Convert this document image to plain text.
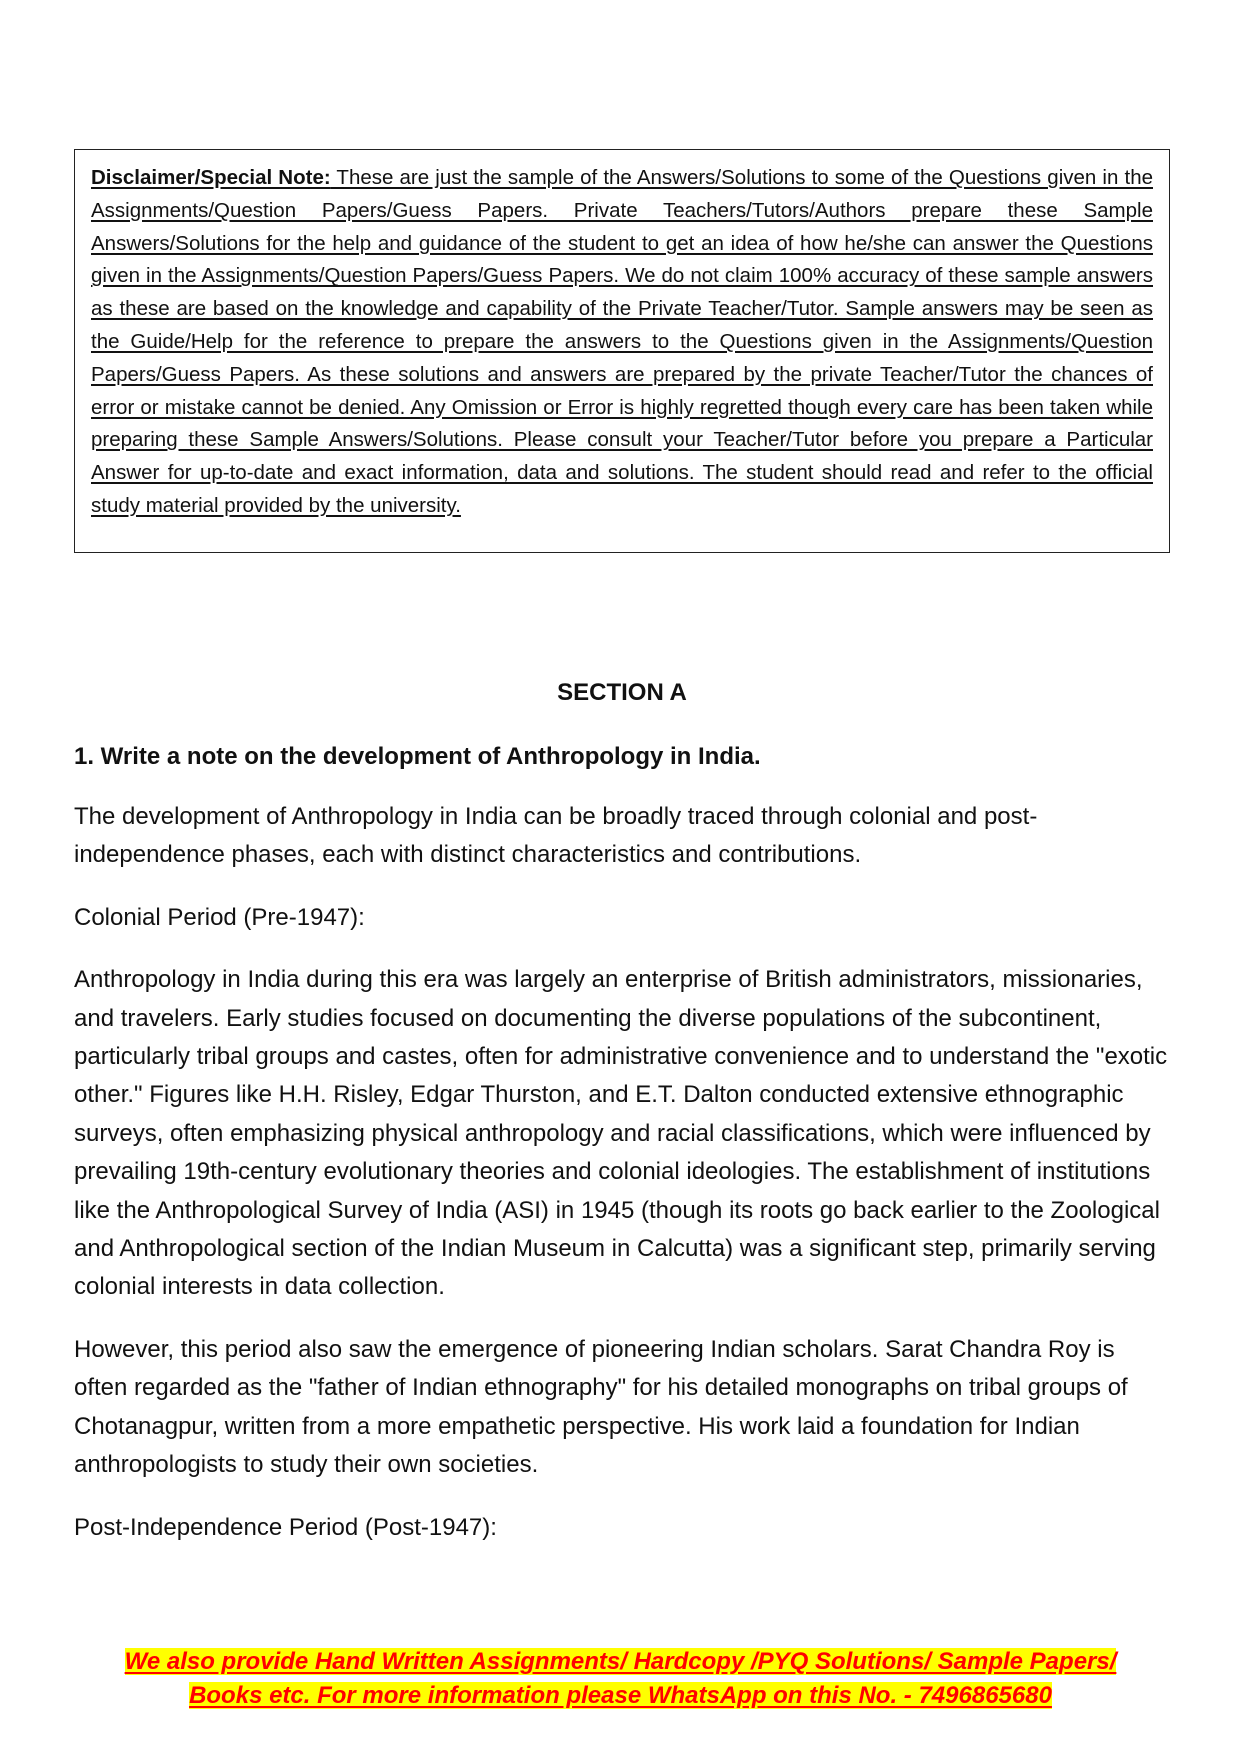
Disclaimer/Special Note: These are just the sample of the Answers/Solutions to some of the Questions given in the Assignments/Question Papers/Guess Papers. Private Teachers/Tutors/Authors prepare these Sample Answers/Solutions for the help and guidance of the student to get an idea of how he/she can answer the Questions given in the Assignments/Question Papers/Guess Papers. We do not claim 100% accuracy of these sample answers as these are based on the knowledge and capability of the Private Teacher/Tutor. Sample answers may be seen as the Guide/Help for the reference to prepare the answers to the Questions given in the Assignments/Question Papers/Guess Papers. As these solutions and answers are prepared by the private Teacher/Tutor the chances of error or mistake cannot be denied. Any Omission or Error is highly regretted though every care has been taken while preparing these Sample Answers/Solutions. Please consult your Teacher/Tutor before you prepare a Particular Answer for up-to-date and exact information, data and solutions. The student should read and refer to the official study material provided by the university.

SECTION A

1. Write a note on the development of Anthropology in India.

The development of Anthropology in India can be broadly traced through colonial and post-independence phases, each with distinct characteristics and contributions.

Colonial Period (Pre-1947):

Anthropology in India during this era was largely an enterprise of British administrators, missionaries, and travelers. Early studies focused on documenting the diverse populations of the subcontinent, particularly tribal groups and castes, often for administrative convenience and to understand the "exotic other." Figures like H.H. Risley, Edgar Thurston, and E.T. Dalton conducted extensive ethnographic surveys, often emphasizing physical anthropology and racial classifications, which were influenced by prevailing 19th-century evolutionary theories and colonial ideologies. The establishment of institutions like the Anthropological Survey of India (ASI) in 1945 (though its roots go back earlier to the Zoological and Anthropological section of the Indian Museum in Calcutta) was a significant step, primarily serving colonial interests in data collection.

However, this period also saw the emergence of pioneering Indian scholars. Sarat Chandra Roy is often regarded as the "father of Indian ethnography" for his detailed monographs on tribal groups of Chotanagpur, written from a more empathetic perspective. His work laid a foundation for Indian anthropologists to study their own societies.

Post-Independence Period (Post-1947):

We also provide Hand Written Assignments/ Hardcopy /PYQ Solutions/ Sample Papers/
Books etc. For more information please WhatsApp on this No. - 7496865680
